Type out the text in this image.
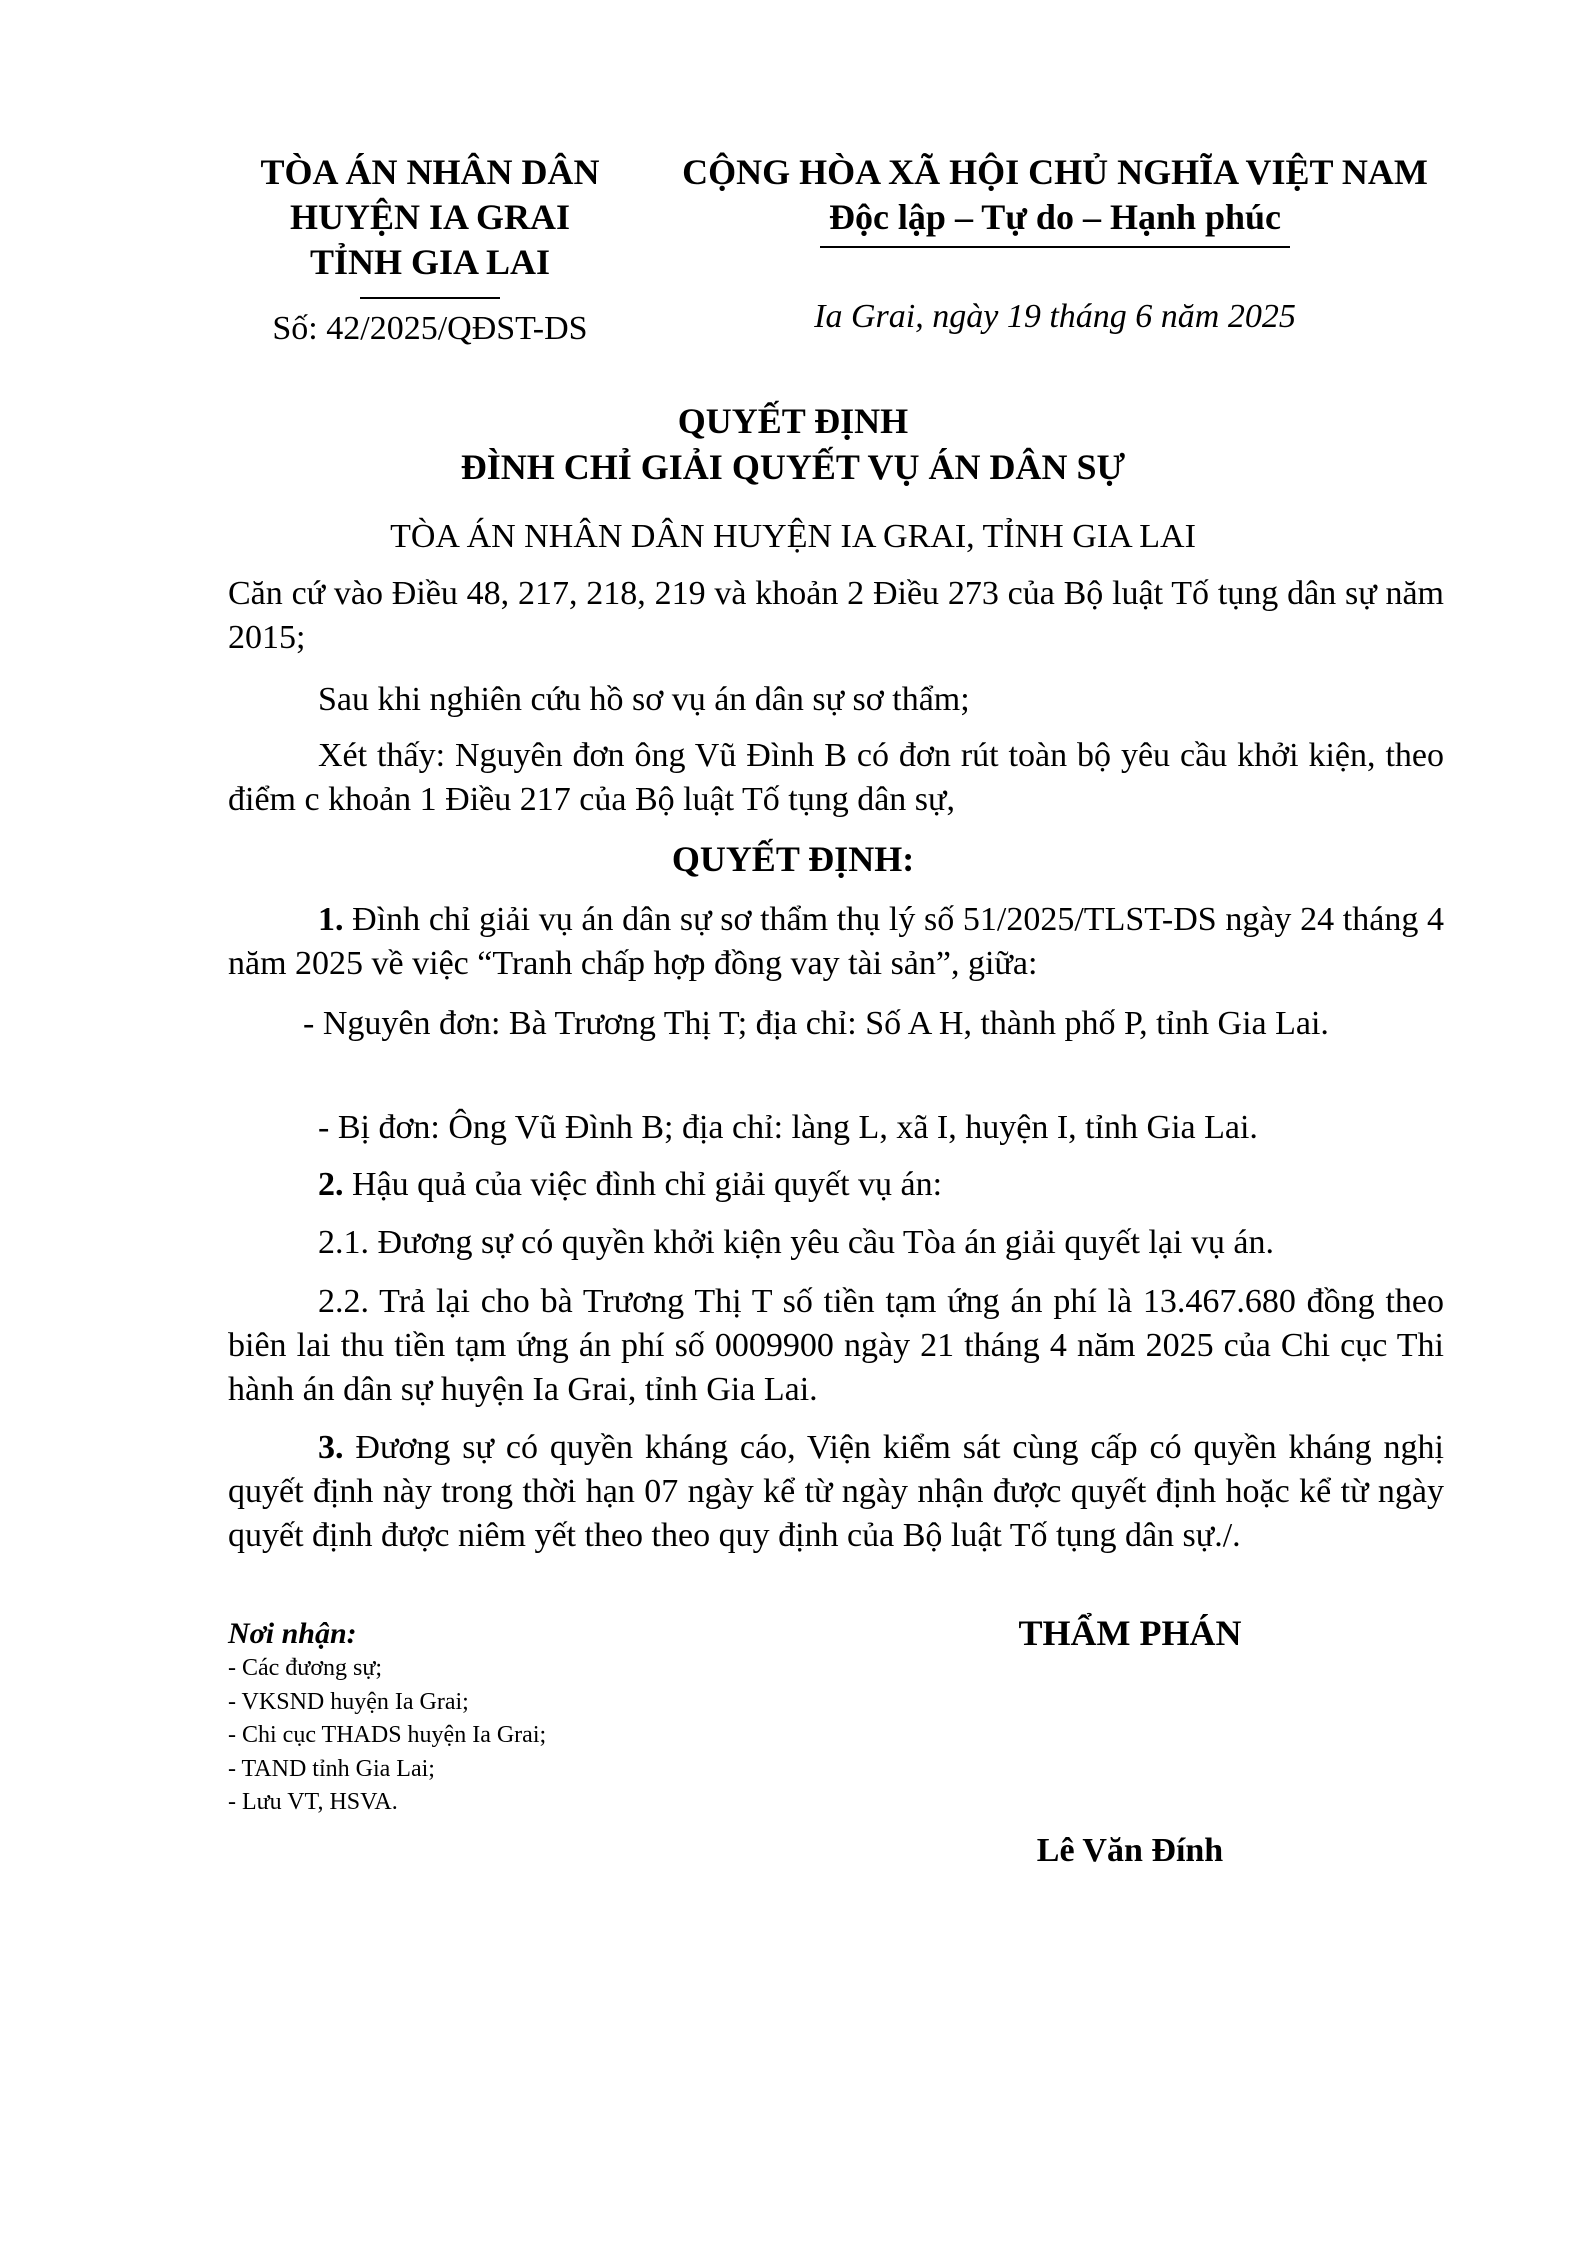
TÒA ÁN NHÂN DÂN
HUYỆN IA GRAI
TỈNH GIA LAI
Số: 42/2025/QĐST-DS
CỘNG HÒA XÃ HỘI CHỦ NGHĨA VIỆT NAM
Độc lập – Tự do – Hạnh phúc
Ia Grai, ngày 19 tháng 6 năm 2025
QUYẾT ĐỊNH
ĐÌNH CHỈ GIẢI QUYẾT VỤ ÁN DÂN SỰ
TÒA ÁN NHÂN DÂN HUYỆN IA GRAI, TỈNH GIA LAI
Căn cứ vào Điều 48, 217, 218, 219 và khoản 2 Điều 273 của Bộ luật Tố tụng dân sự năm 2015;
Sau khi nghiên cứu hồ sơ vụ án dân sự sơ thẩm;
Xét thấy: Nguyên đơn ông Vũ Đình B có đơn rút toàn bộ yêu cầu khởi kiện, theo điểm c khoản 1 Điều 217 của Bộ luật Tố tụng dân sự,
QUYẾT ĐỊNH:
1. Đình chỉ giải vụ án dân sự sơ thẩm thụ lý số 51/2025/TLST-DS ngày 24 tháng 4 năm 2025 về việc “Tranh chấp hợp đồng vay tài sản”, giữa:
- Nguyên đơn: Bà Trương Thị T; địa chỉ: Số A H, thành phố P, tỉnh Gia Lai.
- Bị đơn: Ông Vũ Đình B; địa chỉ: làng L, xã I, huyện I, tỉnh Gia Lai.
2. Hậu quả của việc đình chỉ giải quyết vụ án:
2.1. Đương sự có quyền khởi kiện yêu cầu Tòa án giải quyết lại vụ án.
2.2. Trả lại cho bà Trương Thị T số tiền tạm ứng án phí là 13.467.680 đồng theo biên lai thu tiền tạm ứng án phí số 0009900 ngày 21 tháng 4 năm 2025 của Chi cục Thi hành án dân sự huyện Ia Grai, tỉnh Gia Lai.
3. Đương sự có quyền kháng cáo, Viện kiểm sát cùng cấp có quyền kháng nghị quyết định này trong thời hạn 07 ngày kể từ ngày nhận được quyết định hoặc kể từ ngày quyết định được niêm yết theo theo quy định của Bộ luật Tố tụng dân sự./.
Nơi nhận:
- Các đương sự;
- VKSND huyện Ia Grai;
- Chi cục THADS huyện Ia Grai;
- TAND tỉnh Gia Lai;
- Lưu VT, HSVA.
THẨM PHÁN
Lê Văn Đính
